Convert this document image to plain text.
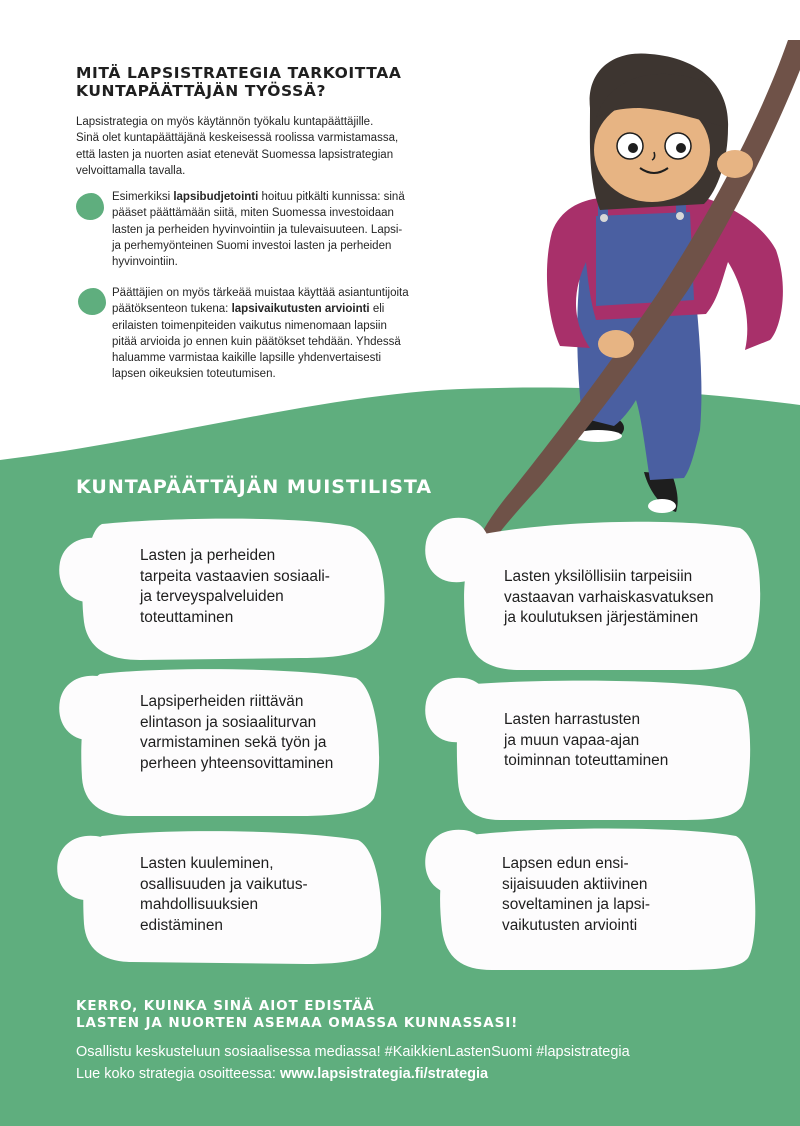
MITÄ LAPSISTRATEGIA TARKOITTAA
KUNTAPÄÄTTÄJÄN TYÖSSÄ?

Lapsistrategia on myös käytännön työkalu kuntapäättäjille.
Sinä olet kuntapäättäjänä keskeisessä roolissa varmistamassa,
että lasten ja nuorten asiat etenevät Suomessa lapsistrategian
velvoittamalla tavalla.

Esimerkiksi lapsibudjetointi hoituu pitkälti kunnissa: sinä
pääset päättämään siitä, miten Suomessa investoidaan
lasten ja perheiden hyvinvointiin ja tulevaisuuteen. Lapsi-
ja perhemyönteinen Suomi investoi lasten ja perheiden
hyvinvointiin.

Päättäjien on myös tärkeää muistaa käyttää asiantuntijoita
päätöksenteon tukena: lapsivaikutusten arviointi eli
erilaisten toimenpiteiden vaikutus nimenomaan lapsiin
pitää arvioida jo ennen kuin päätökset tehdään. Yhdessä
haluamme varmistaa kaikille lapsille yhdenvertaisesti
lapsen oikeuksien toteutumisen.

KUNTAPÄÄTTÄJÄN MUISTILISTA
Lasten ja perheiden
tarpeita vastaavien sosiaali-
ja terveyspalveluiden
toteuttaminen
Lasten yksilöllisiin tarpeisiin
vastaavan varhaiskasvatuksen
ja koulutuksen järjestäminen
Lapsiperheiden riittävän
elintason ja sosiaaliturvan
varmistaminen sekä työn ja
perheen yhteensovittaminen
Lasten harrastusten
ja muun vapaa-ajan
toiminnan toteuttaminen
Lasten kuuleminen,
osallisuuden ja vaikutus-
mahdollisuuksien
edistäminen
Lapsen edun ensi-
sijaisuuden aktiivinen
soveltaminen ja lapsi-
vaikutusten arviointi
KERRO, KUINKA SINÄ AIOT EDISTÄÄ
LASTEN JA NUORTEN ASEMAA OMASSA KUNNASSASI!
Osallistu keskusteluun sosiaalisessa mediassa! #KaikkienLastenSuomi #lapsistrategia
Lue koko strategia osoitteessa: www.lapsistrategia.fi/strategia
